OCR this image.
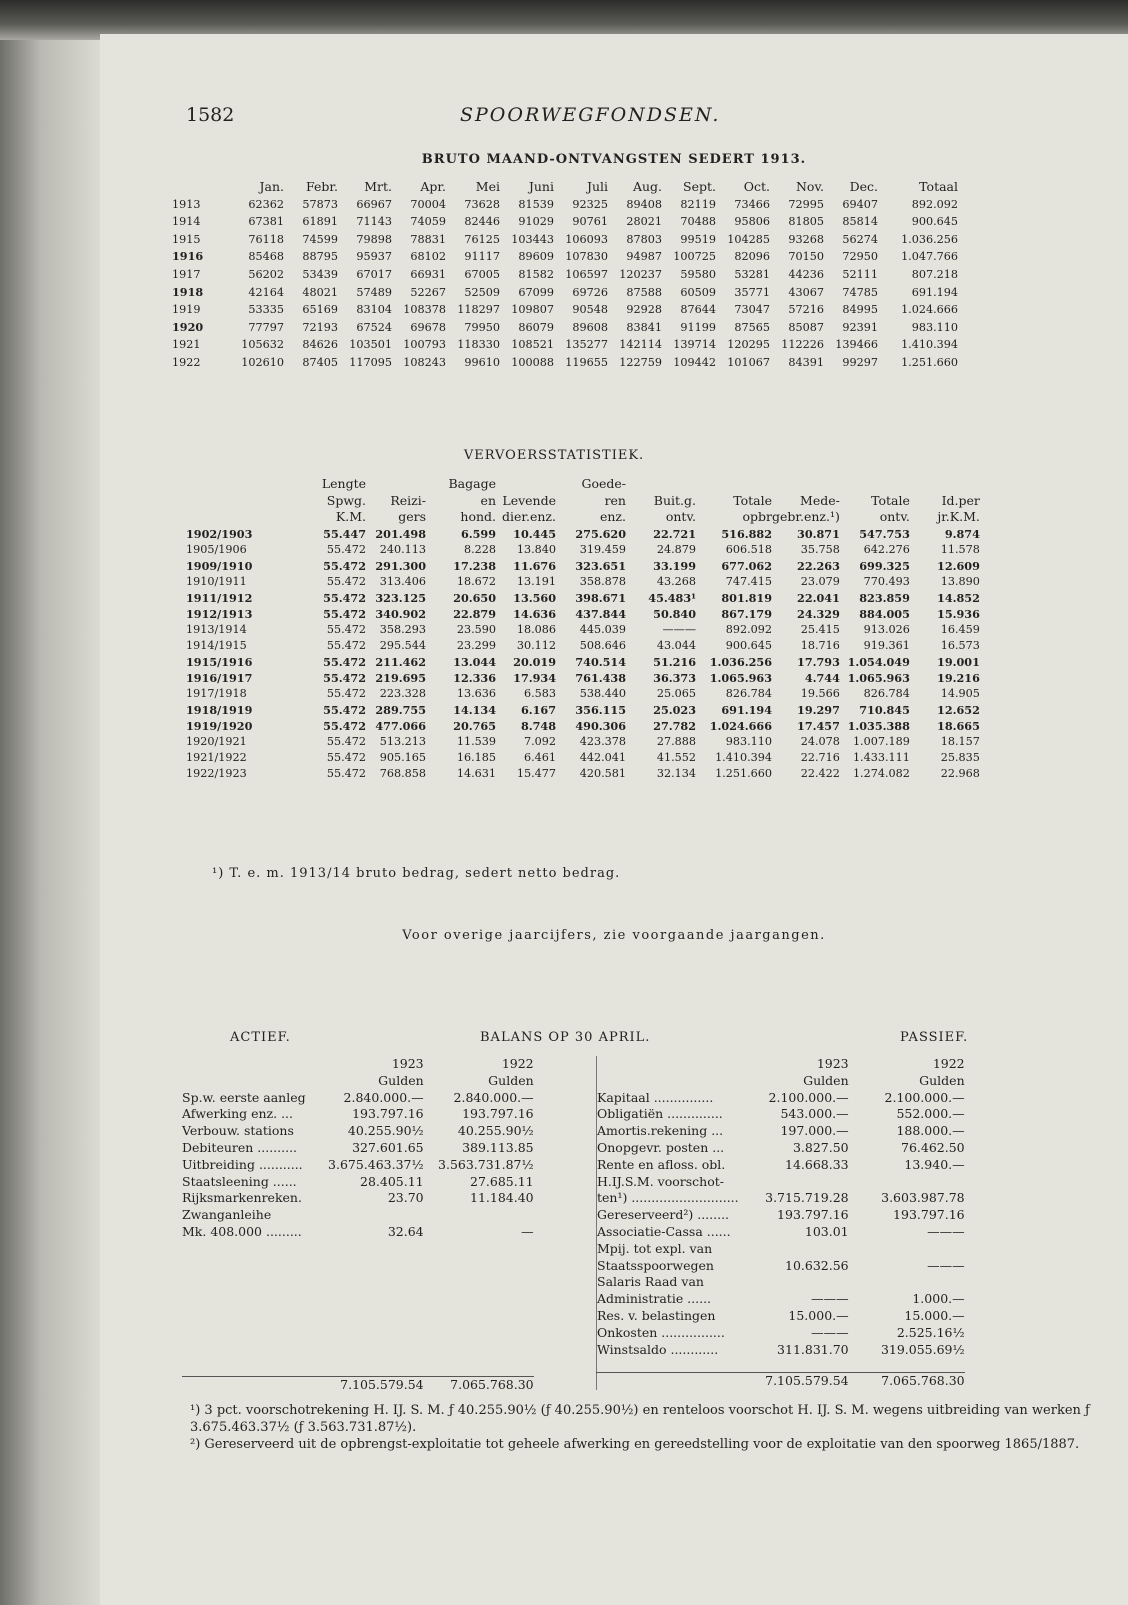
1582	SPOORWEGFONDSEN.
BRUTO MAAND-ONTVANGSTEN SEDERT 1913.
	Jan.	Febr.	Mrt.	Apr.	Mei	Juni	Juli	Aug.	Sept.	Oct.	Nov.	Dec.	Totaal
1913	62362	57873	66967	70004	73628	81539	92325	89408	82119	73466	72995	69407	892.092
1914	67381	61891	71143	74059	82446	91029	90761	28021	70488	95806	81805	85814	900.645
1915	76118	74599	79898	78831	76125	103443	106093	87803	99519	104285	93268	56274	1.036.256
1916	85468	88795	95937	68102	91117	89609	107830	94987	100725	82096	70150	72950	1.047.766
1917	56202	53439	67017	66931	67005	81582	106597	120237	59580	53281	44236	52111	807.218
1918	42164	48021	57489	52267	52509	67099	69726	87588	60509	35771	43067	74785	691.194
1919	53335	65169	83104	108378	118297	109807	90548	92928	87644	73047	57216	84995	1.024.666
1920	77797	72193	67524	69678	79950	86079	89608	83841	91199	87565	85087	92391	983.110
1921	105632	84626	103501	100793	118330	108521	135277	142114	139714	120295	112226	139466	1.410.394
1922	102610	87405	117095	108243	99610	100088	119655	122759	109442	101067	84391	99297	1.251.660
VERVOERSSTATISTIEK.
	Lengte		Bagage		Goede-					
	Spwg.	Reizi-	en	Levende	ren	Buit.g.	Totale	Mede-	Totale	Id.per
	K.M.	gers	hond.	dier.enz.	enz.	ontv.	opbr	gebr.enz.¹)	ontv.	jr.K.M.
1902/1903	55.447	201.498	6.599	10.445	275.620	22.721	516.882	30.871	547.753	9.874
1905/1906	55.472	240.113	8.228	13.840	319.459	24.879	606.518	35.758	642.276	11.578
1909/1910	55.472	291.300	17.238	11.676	323.651	33.199	677.062	22.263	699.325	12.609
1910/1911	55.472	313.406	18.672	13.191	358.878	43.268	747.415	23.079	770.493	13.890
1911/1912	55.472	323.125	20.650	13.560	398.671	45.483¹	801.819	22.041	823.859	14.852
1912/1913	55.472	340.902	22.879	14.636	437.844	50.840	867.179	24.329	884.005	15.936
1913/1914	55.472	358.293	23.590	18.086	445.039	———	892.092	25.415	913.026	16.459
1914/1915	55.472	295.544	23.299	30.112	508.646	43.044	900.645	18.716	919.361	16.573
1915/1916	55.472	211.462	13.044	20.019	740.514	51.216	1.036.256	17.793	1.054.049	19.001
1916/1917	55.472	219.695	12.336	17.934	761.438	36.373	1.065.963	4.744	1.065.963	19.216
1917/1918	55.472	223.328	13.636	6.583	538.440	25.065	826.784	19.566	826.784	14.905
1918/1919	55.472	289.755	14.134	6.167	356.115	25.023	691.194	19.297	710.845	12.652
1919/1920	55.472	477.066	20.765	8.748	490.306	27.782	1.024.666	17.457	1.035.388	18.665
1920/1921	55.472	513.213	11.539	7.092	423.378	27.888	983.110	24.078	1.007.189	18.157
1921/1922	55.472	905.165	16.185	6.461	442.041	41.552	1.410.394	22.716	1.433.111	25.835
1922/1923	55.472	768.858	14.631	15.477	420.581	32.134	1.251.660	22.422	1.274.082	22.968
¹) T. e. m. 1913/14 bruto bedrag, sedert netto bedrag.
Voor overige jaarcijfers, zie voorgaande jaargangen.
ACTIEF.	BALANS OP 30 APRIL.	PASSIEF.
	1923	1922
	Gulden	Gulden
Sp.w. eerste aanleg	2.840.000.—	2.840.000.—
Afwerking enz. ...	193.797.16	193.797.16
Verbouw. stations	40.255.90½	40.255.90½
Debiteuren ..........	327.601.65	389.113.85
Uitbreiding ...........	3.675.463.37½	3.563.731.87½
Staatsleening ......	28.405.11	27.685.11
Rijksmarkenreken.	23.70	11.184.40
Zwanganleihe		
Mk. 408.000 .........	32.64	—

	7.105.579.54	7.065.768.30
	1923	1922
	Gulden	Gulden
Kapitaal ...............	2.100.000.—	2.100.000.—
Obligatiën ..............	543.000.—	552.000.—
Amortis.rekening ...	197.000.—	188.000.—
Onopgevr. posten ...	3.827.50	76.462.50
Rente en afloss. obl.	14.668.33	13.940.—
H.IJ.S.M. voorschot-		
ten¹) ...........................	3.715.719.28	3.603.987.78
Gereserveerd²) ........	193.797.16	193.797.16
Associatie-Cassa ......	103.01	———
Mpij. tot expl. van		
Staatsspoorwegen	10.632.56	———
Salaris Raad van		
Administratie ......	———	1.000.—
Res. v. belastingen	15.000.—	15.000.—
Onkosten ................	———	2.525.16½
Winstsaldo ............	311.831.70	319.055.69½

	7.105.579.54	7.065.768.30

¹) 3 pct. voorschotrekening H. IJ. S. M. ƒ 40.255.90½ (ƒ 40.255.90½) en renteloos voorschot H. IJ. S. M. wegens uitbreiding van werken ƒ 3.675.463.37½ (ƒ 3.563.731.87½).

²) Gereserveerd uit de opbrengst-exploitatie tot geheele afwerking en gereedstelling voor de exploitatie van den spoorweg 1865/1887.
